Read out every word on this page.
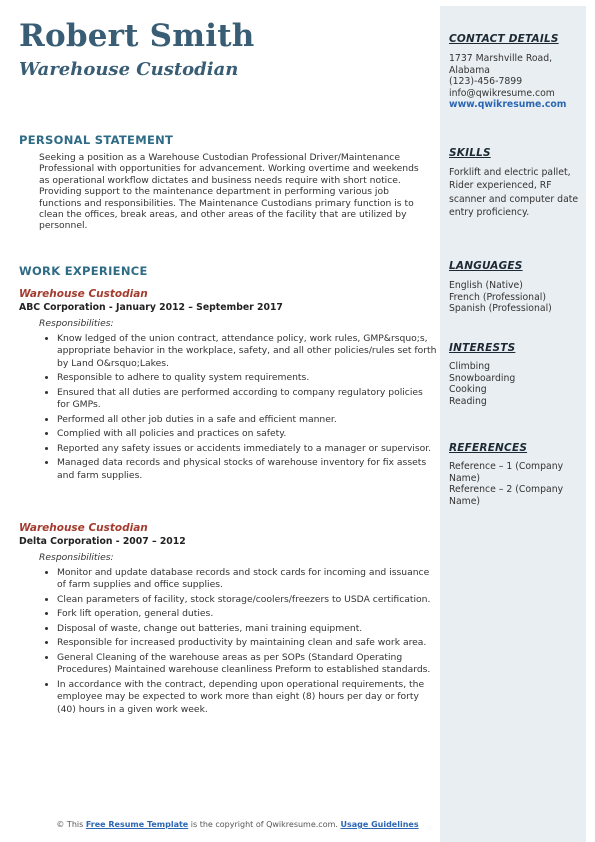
Robert Smith
Warehouse Custodian
PERSONAL STATEMENT
Seeking a position as a Warehouse Custodian Professional Driver/Maintenance Professional with opportunities for advancement. Working overtime and weekends as operational workflow dictates and business needs require with short notice. Providing support to the maintenance department in performing various job functions and responsibilities. The Maintenance Custodians primary function is to clean the offices, break areas, and other areas of the facility that are utilized by personnel.
WORK EXPERIENCE
Warehouse Custodian
ABC Corporation - January 2012 – September 2017
Responsibilities:
• Know ledged of the union contract, attendance policy, work rules, GMP&rsquo;s, appropriate behavior in the workplace, safety, and all other policies/rules set forth by Land O&rsquo;Lakes.
• Responsible to adhere to quality system requirements.
• Ensured that all duties are performed according to company regulatory policies for GMPs.
• Performed all other job duties in a safe and efficient manner.
• Complied with all policies and practices on safety.
• Reported any safety issues or accidents immediately to a manager or supervisor.
• Managed data records and physical stocks of warehouse inventory for fix assets and farm supplies.
Warehouse Custodian
Delta Corporation - 2007 – 2012
Responsibilities:
• Monitor and update database records and stock cards for incoming and issuance of farm supplies and office supplies.
• Clean parameters of facility, stock storage/coolers/freezers to USDA certification.
• Fork lift operation, general duties.
• Disposal of waste, change out batteries, mani training equipment.
• Responsible for increased productivity by maintaining clean and safe work area.
• General Cleaning of the warehouse areas as per SOPs (Standard Operating Procedures) Maintained warehouse cleanliness Preform to established standards.
• In accordance with the contract, depending upon operational requirements, the employee may be expected to work more than eight (8) hours per day or forty (40) hours in a given work week.
CONTACT DETAILS
1737 Marshville Road, Alabama
(123)-456-7899
info@qwikresume.com
www.qwikresume.com
SKILLS
Forklift and electric pallet, Rider experienced, RF scanner and computer date entry proficiency.
LANGUAGES
English (Native)
French (Professional)
Spanish (Professional)
INTERESTS
Climbing
Snowboarding
Cooking
Reading
REFERENCES
Reference – 1 (Company Name)
Reference – 2 (Company Name)
© This Free Resume Template is the copyright of Qwikresume.com. Usage Guidelines
